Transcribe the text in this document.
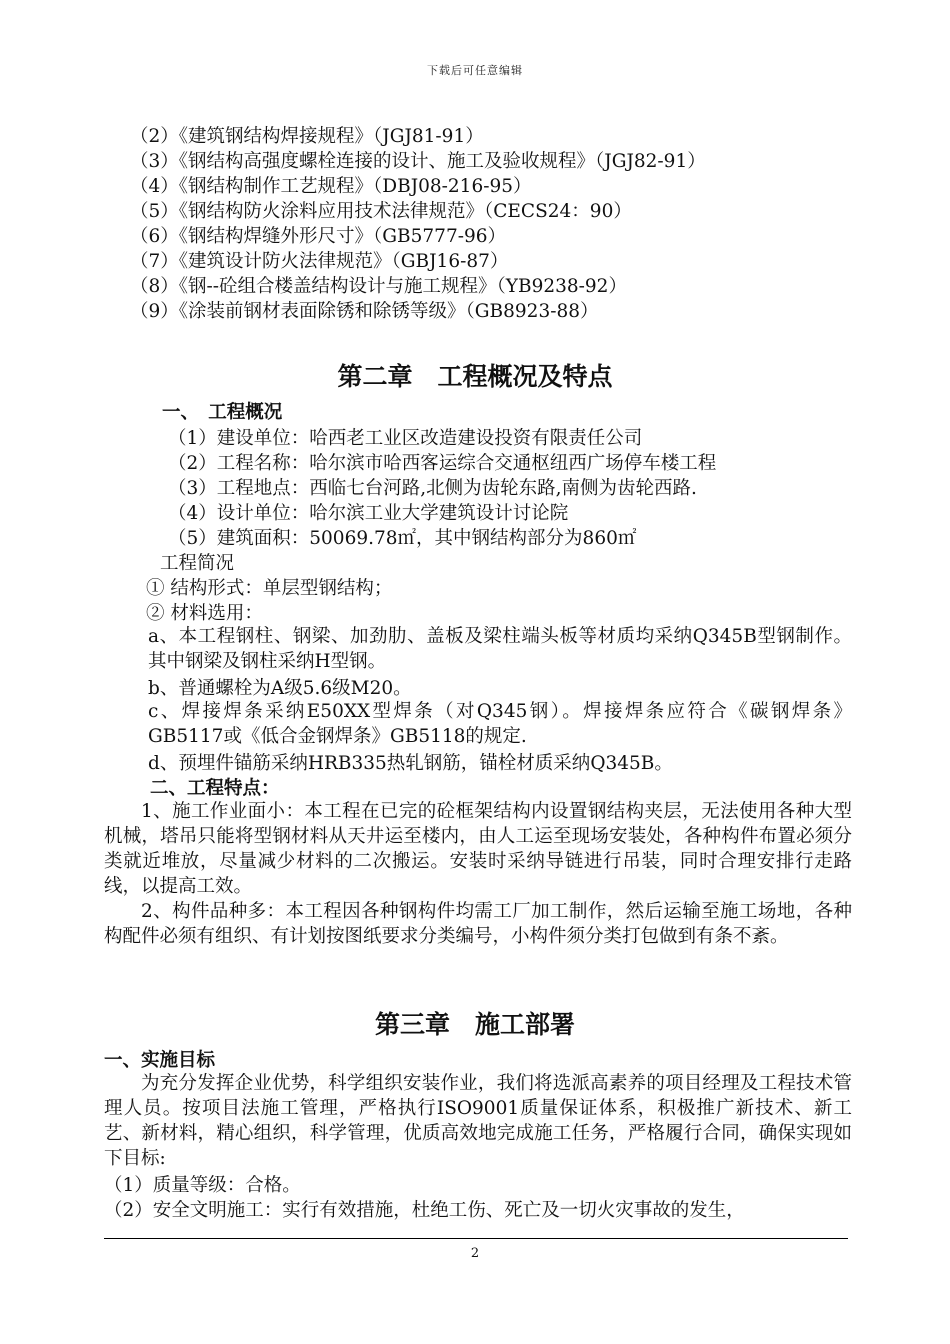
下载后可任意编辑
（2）《建筑钢结构焊接规程》（JGJ81-91）
（3）《钢结构高强度螺栓连接的设计、施工及验收规程》（JGJ82-91）
（4）《钢结构制作工艺规程》（DBJ08-216-95）
（5）《钢结构防火涂料应用技术法律规范》（CECS24：90）
（6）《钢结构焊缝外形尺寸》（GB5777-96）
（7）《建筑设计防火法律规范》（GBJ16-87）
（8）《钢--砼组合楼盖结构设计与施工规程》（YB9238-92）
（9）《涂装前钢材表面除锈和除锈等级》（GB8923-88）
第二章　工程概况及特点
一、　工程概况
（1）建设单位：哈西老工业区改造建设投资有限责任公司
（2）工程名称：哈尔滨市哈西客运综合交通枢纽西广场停车楼工程
（3）工程地点：西临七台河路,北侧为齿轮东路,南侧为齿轮西路.
（4）设计单位：哈尔滨工业大学建筑设计讨论院
（5）建筑面积：50069.78㎡，其中钢结构部分为860㎡
工程简况
① 结构形式：单层型钢结构；
② 材料选用：
a、本工程钢柱、钢梁、加劲肋、盖板及梁柱端头板等材质均采纳Q345B型钢制作。其中钢梁及钢柱采纳H型钢。
b、普通螺栓为A级5.6级M20。
c、焊接焊条采纳E50XX型焊条（对Q345钢）。焊接焊条应符合《碳钢焊条》GB5117或《低合金钢焊条》GB5118的规定.
d、预埋件锚筋采纳HRB335热轧钢筋，锚栓材质采纳Q345B。
二、工程特点：
1、施工作业面小：本工程在已完的砼框架结构内设置钢结构夹层，无法使用各种大型机械，塔吊只能将型钢材料从天井运至楼内，由人工运至现场安装处，各种构件布置必须分类就近堆放，尽量减少材料的二次搬运。安装时采纳导链进行吊装，同时合理安排行走路线，以提高工效。
2、构件品种多：本工程因各种钢构件均需工厂加工制作，然后运输至施工场地，各种构配件必须有组织、有计划按图纸要求分类编号，小构件须分类打包做到有条不紊。
第三章　施工部署
一、实施目标
为充分发挥企业优势，科学组织安装作业，我们将选派高素养的项目经理及工程技术管理人员。按项目法施工管理，严格执行ISO9001质量保证体系，积极推广新技术、新工艺、新材料，精心组织，科学管理，优质高效地完成施工任务，严格履行合同，确保实现如下目标:
（1）质量等级：合格。
（2）安全文明施工：实行有效措施，杜绝工伤、死亡及一切火灾事故的发生，
2
